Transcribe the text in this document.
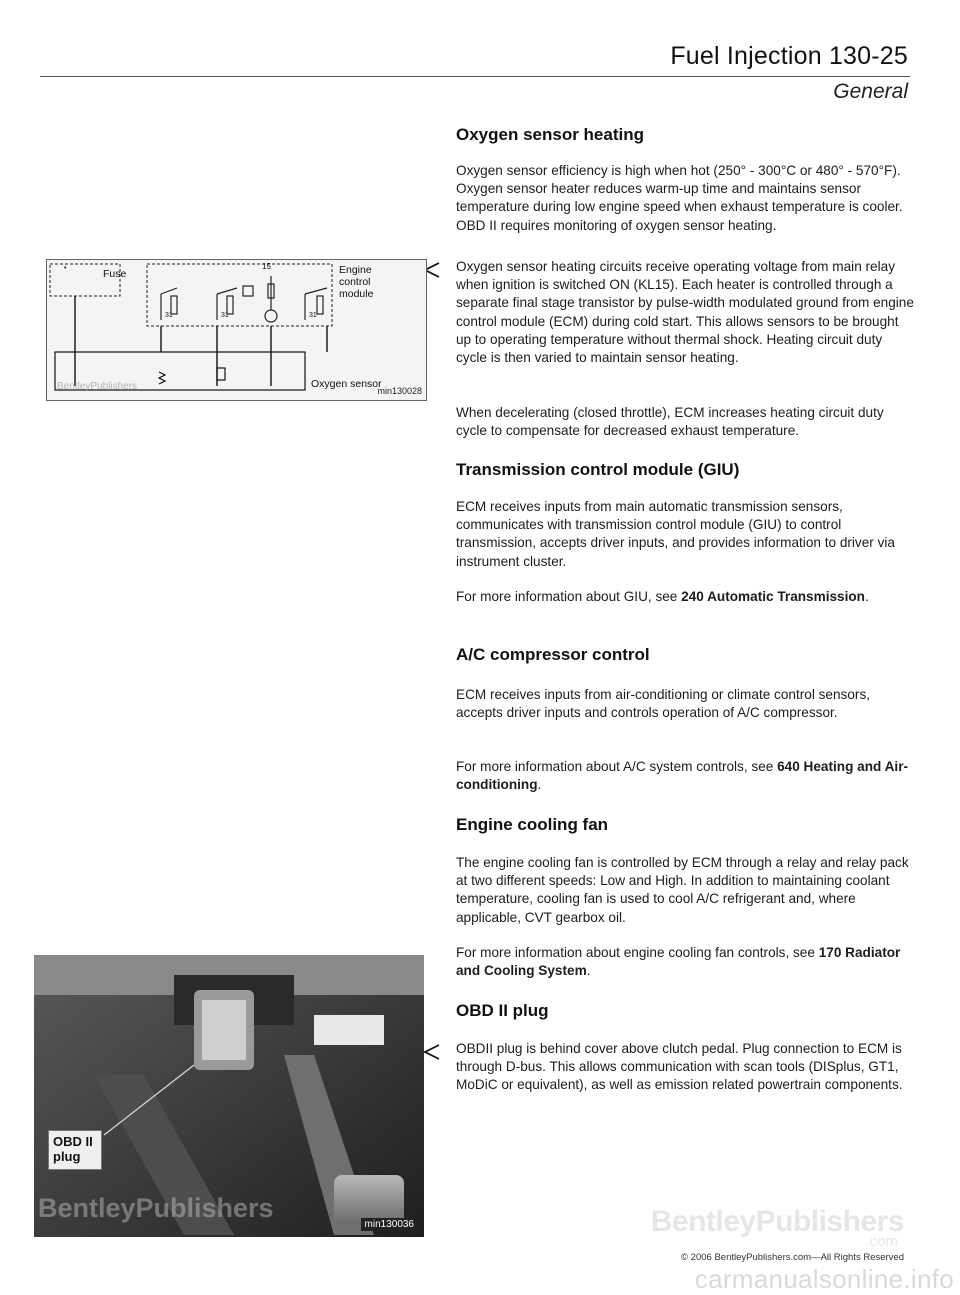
Fuel Injection 130-25
General
Oxygen sensor heating

Oxygen sensor efficiency is high when hot (250° - 300°C or 480° - 570°F). Oxygen sensor heater reduces warm-up time and maintains sensor temperature during low engine speed when exhaust temperature is cooler. OBD II requires monitoring of oxygen sensor heating.

Oxygen sensor heating circuits receive operating voltage from main relay when ignition is switched ON (KL15). Each heater is controlled through a separate final stage transistor by pulse-width modulated ground from engine control module (ECM) during cold start. This allows sensors to be brought up to operating temperature without thermal shock. Heating circuit duty cycle is then varied to maintain sensor heating.

When decelerating (closed throttle), ECM increases heating circuit duty cycle to compensate for decreased exhaust temperature.

Transmission control module (GIU)

ECM receives inputs from main automatic transmission sensors, communicates with transmission control module (GIU) to control transmission, accepts driver inputs, and provides information to driver via instrument cluster.

For more information about GIU, see 240 Automatic Transmission.

A/C compressor control

ECM receives inputs from air-conditioning or climate control sensors, accepts driver inputs and controls operation of A/C compressor.

For more information about A/C system controls, see 640 Heating and Air-conditioning.

Engine cooling fan

The engine cooling fan is controlled by ECM through a relay and relay pack at two different speeds: Low and High. In addition to maintaining coolant temperature, cooling fan is used to cool A/C refrigerant and, where applicable, CVT gearbox oil.

For more information about engine cooling fan controls, see 170 Radiator and Cooling System.

OBD II plug

OBDII plug is behind cover above clutch pedal. Plug connection to ECM is through D-bus. This allows communication with scan tools (DISplus, GT1, MoDiC or equivalent), as well as emission related powertrain components.

•	Fuse
15
31	31	31
Engine
control
module
Oxygen sensor
BentleyPublishers	min130028
OBD II
plug
BentleyPublishers
min130036	BentleyPublishers
.com
© 2006 BentleyPublishers.com—All Rights Reserved
carmanualsonline.info
